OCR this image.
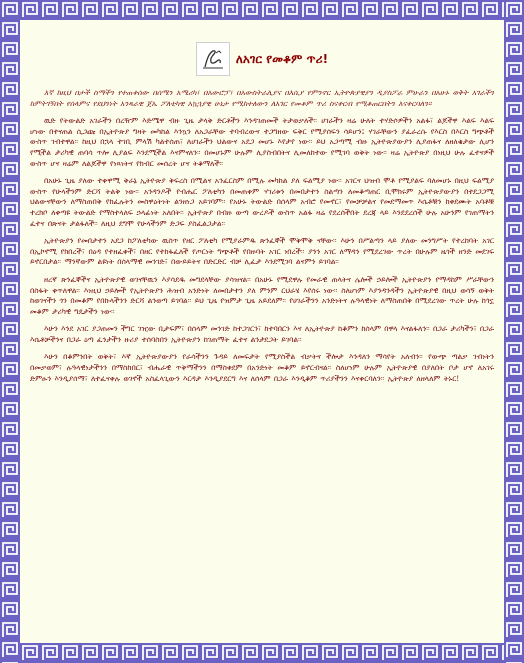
ለአገር የመቆም ጥሪ!

እኛ ከዚህ በታች ስማችን የተጠቀሰው በሰሜን አሜሪካ፣ በአውሮፓ፣ በአውስትራሊያና በእሲያ የምንኖር ኢትዮጵያዊያን ዲያስፖራ ምሁራን በአሁኑ ወቅት አገራችን ከምትገኝበት የሰላምና የደህንነት አንጻራዊ ጀኤ ፖለቲካዊ አኳኋያዊ ሁኔታ የሚከተለውን ለአገር የመቆም ጥሪ ስናቀርብ የሚቆጠርበትን እናቀርባለን፡፡

ዉድ የትውልድ አገራችን በረዥም እድሜዋ ብዙ ጊዜ ታላቅ ድርቶችን እንዳገጠመች ትታወቃለች፡፡ ሀገራችን ዛሬ ሁለት ተሃድሶዎችን አልፋ፣ ልጆችዋ እልፍ እልፍ ሆነው በተናጠል ሲጋጩ በኢትዮጵያ ግዛት መካከል እንኳን ለአጋራቸው ተባብረውና ተጋግዘው ፍቅር የሚያሰፍን ሳይሆን፤ ሃገራቸውን ያፈራረሱ የእርስ በእርስ ግጭቶች ውስጥ ገብተዋል፡፡ ከዚህ በኋላ ተገቢ ምላሽ ካልተሰጠ፣ ለሀገራችን ህልውና አደጋ መሆኑ እየታየ ነው፡፡ ይህ አጋጣሚ ብዙ ኢትዮጵያውያን ሊያጠፋና ለዘለቄታው ሊሆን የሚችል ታሪካዊ ጠባሳ ጥሎ ሊያልፍ እንደሚችል እናምናለን፡፡ በመሆኑም ሁሉም ሊያስብበትና ሊመለከተው የሚገባ ወቅት ነው፡፡ ዛሬ ኢትዮጵያ በነዚህ ሁሉ ፈተናዎች ውስጥ ሆና ዛሬም ለልጆችዋ የነጻነትና የክብር መሰረት ሆና ትቆማለች፡፡

በአሁኑ ጊዜ ያለው ተቀዋሚ ቅራኔ ኢትዮጵያ ቅፍረስ በሚልና አንፈርስም በሚሉ መካከል ያለ ፍልሚያ ነው፡፡ አገርና ህዝብ ሞቶ የሚያልፍ ባለመሆኑ በዚህ ፍልሚያ ውስጥ የሁላችንም ድርሻ ትልቅ ነው፡፡ አንዳንዶች የብሔር ፖለቲካን በመጠቀም ሃገሪቱን በመበታተን ስልጣን ለመቆጣጠር ቢሞክሩም ኢትዮጵያውያን በተደጋጋሚ ህልውናቸውን ለማስጠበቅ የከፈሉትን መስዋዕትነት ልንዘነጋ አይገባም፡፡ የአሁኑ ትውልድ በሰላም አብሮ የመኖር፣ የመቻቻልና የመደማመጥ እሴቶቹን ከቀደሙት አባቶቹ ተረክቦ ለቀጣዩ ትውልድ የማስተላለፍ ኃላፊነት አለበት፡፡ ኢትዮጵያ በብዙ ውጣ ውረዶች ውስጥ አልፋ ዛሬ የደረሰችበት ደረጃ ላይ እንደደረሰች ሁሉ አሁንም የገጠማትን ፈተና በጽናት ታልፋለች፡፡ ለዚህ ደግሞ የሁላችንም ድጋፍ ያስፈልጋታል፡፡

ኢትዮጵያን የመበታተን አደጋ ከፖለቲካው ዉስጥ የዘር ፖለቲካ የሚያራምዱ ጽንፈኞች ሞቅሞቅ ናቸው፡፡ እሁን በሥልጣን ላይ ያለው መንግሥት የተረከባት አገር በኢኮኖሚ የክበረች፣ በዕዳ የተዘፈቀች፣ በዘር የተከፋፈለች የጦርነት ግጭቶች የበዙባት አገር ነበረች፡፡ ያንን አገር ለማዳን የሚደረገው ጥረት በሁሉም ዜጎች ዘንድ መደገፍ ይኖርበታል፡፡ ማንኛውም ልዩነት በሰላማዊ መንገድ፣ በውይይትና በድርድር ብቻ ሊፈታ እንደሚገባ ልናምን ይገባል፡፡

ዘረኛ ጽንፈኞችና ኢትዮጵያዊ ወገናቸዉን እያሳደዱ መግደላቸው ያሳዝናል፡፡ በአሁኑ የሚደዋሉ የመራዊ ጠላትና ሌሎች ኃይሎች ኢትዮጵያን የማዳከም ሥራቸውን በስፋት ቀጥለዋል፡፡ እነዚህ ኃይሎች የኢትዮጵያን ሕዝብ አንድነት ለመበታተን ያለ ምንም ርህራሄ እየሰሩ ነው፡፡ ስለሆነም እያንዳንዳችን ኢትዮጵያዊ በዚህ ወሳኝ ወቅት ከወገናችን ጎን በመቆም የበኩላችንን ድርሻ ልንወጣ ይገባል፡፡ ይህ ጊዜ የዝምታ ጊዜ አይደለም፡፡ የሀገራችንን አንድነትና ሉዓላዊነት ለማስጠበቅ በሚደረገው ጥረት ሁሉ ከጎኗ መቆም ታሪካዊ ግዴታችን ነው፡፡

እሁን እንደ አገር ያጋጠመን ችግር ገዢው ቢታፍም፣ በሰላም መንገድ ከተጋገርን፣ ከተባበርን እና ለኢትዮጵያ ከቆምን ከሰላም በዋላ እናልፋለን፡፡ በጋራ ታሪካችን፣ በጋራ እሴቶቻችንና በጋራ ዕጣ ፈንታችን ዙሪያ ተሰባስበን ኢትዮጵያን ከገጠማት ፈተና ልንታደጋት ይገባል፡፡

እሁን በቆምንበት ወቅት፣ እኛ ኢትዮጵያውያን የራሳችንን ጉዳይ ለመፍታት የሚያስችል ብቃትና ችሎታ እንዳለን ማሳየት አለብን፡፡ የውጭ ጣልቃ ገብነትን በመቃወም፣ ሉዓላዊነታችንን በማስከበር፣ ብሔራዊ ጥቅማችንን በማስቀደም በአንድነት መቆም ይኖርብናል፡፡ ስለሆነም ሁሉም ኢትዮጵያዊ በያለበት ቦታ ሆኖ ለአገሩ ድምፁን እንዲያሰማ፣ ለተፈናቀሉ ወገኖች አስፈላጊውን እርዳታ እንዲያደርግ እና ለሰላም በጋራ እንዲቆም ጥሪያችንን እናቀርባለን፡፡ ኢትዮጵያ ለዘላለም ትኑር!
